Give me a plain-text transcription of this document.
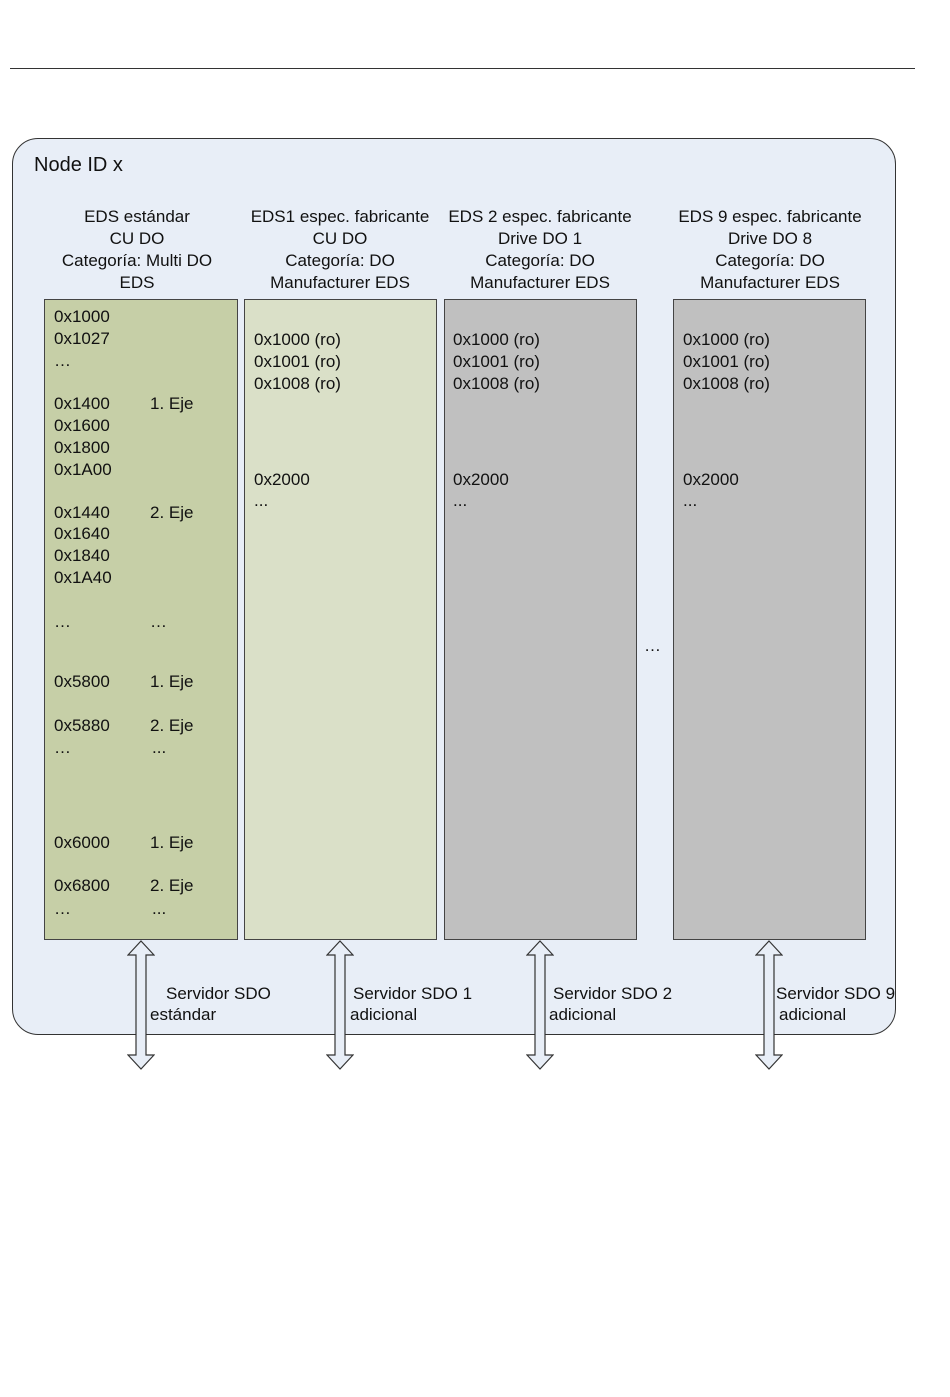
Node ID x
EDS estándar
CU DO
Categoría: Multi DO
EDS
EDS1 espec. fabricante
CU DO
Categoría: DO
Manufacturer EDS
EDS 2 espec. fabricante
Drive DO 1
Categoría: DO
Manufacturer EDS
EDS 9 espec. fabricante
Drive DO 8
Categoría: DO
Manufacturer EDS
0x1000
0x1027
…
0x1400 1. Eje
0x1600
0x1800
0x1A00
0x1440 2. Eje
0x1640
0x1840
0x1A40
…	…
0x5800 1. Eje
0x5880 2. Eje
…	...
0x6000 1. Eje
0x6800 2. Eje
…	...
0x1000 (ro)
0x1001 (ro)
0x1008 (ro)
0x2000
...
0x1000 (ro)
0x1001 (ro)
0x1008 (ro)
0x2000
...
0x1000 (ro)
0x1001 (ro)
0x1008 (ro)
0x2000
...
…
Servidor SDO
estándar
Servidor SDO 1
adicional
Servidor SDO 2
adicional
Servidor SDO 9
adicional
